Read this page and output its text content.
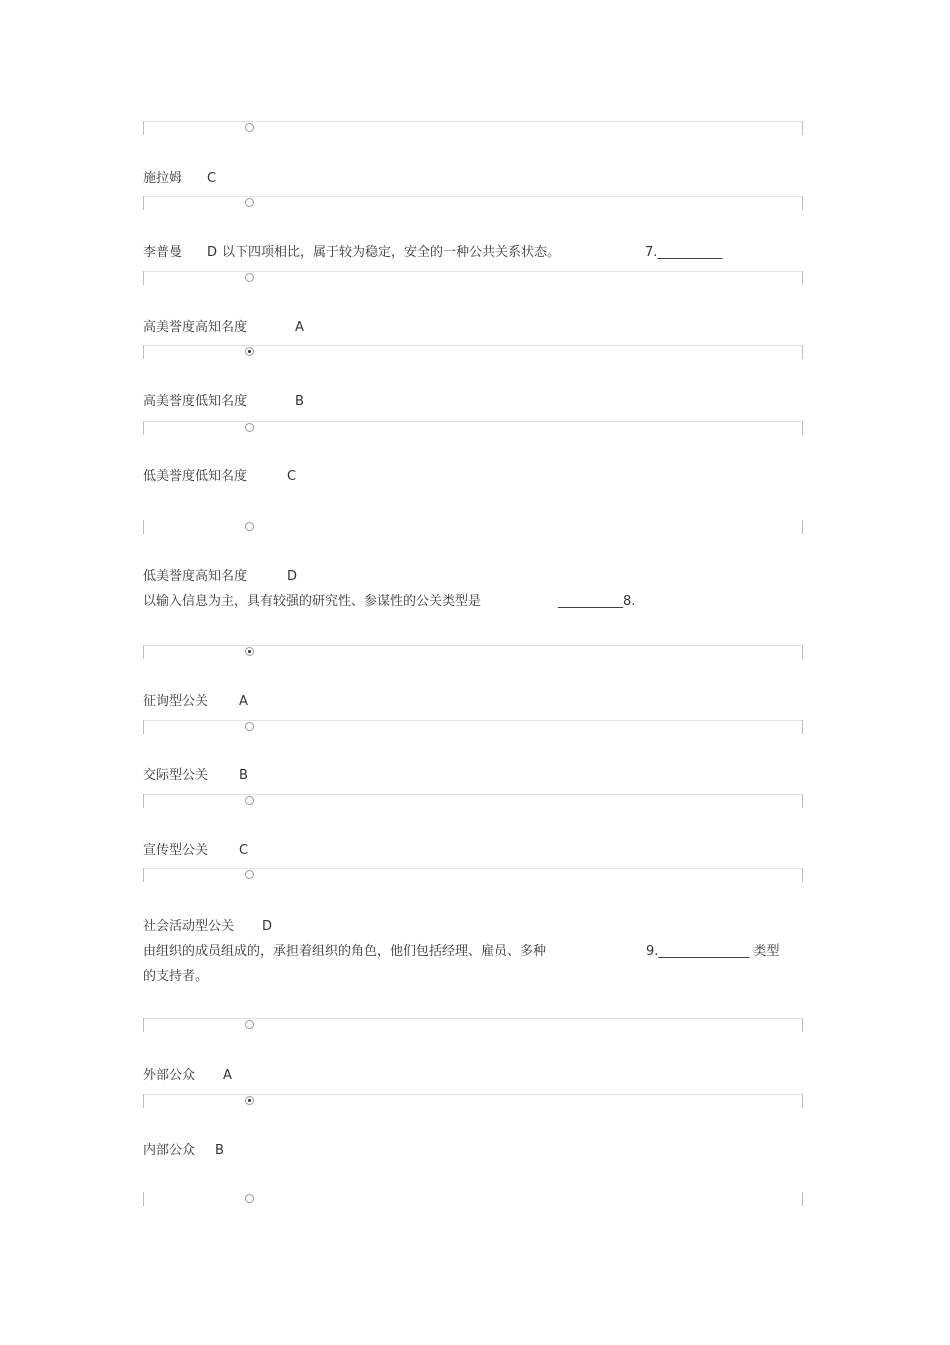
施拉姆 C
李普曼 D 以下四项相比，属于较为稳定，安全的一种公共关系状态。	7.__________
高美誉度高知名度	A
高美誉度低知名度	B
低美誉度低知名度	C
低美誉度高知名度	D
以输入信息为主，具有较强的研究性、参谋性的公关类型是	__________8.
征询型公关 A
交际型公关 B
宣传型公关 C
社会活动型公关 D
由组织的成员组成的，承担着组织的角色，他们包括经理、雇员、多种	9.______________ 类型
的支持者。
外部公众 A
内部公众 B
